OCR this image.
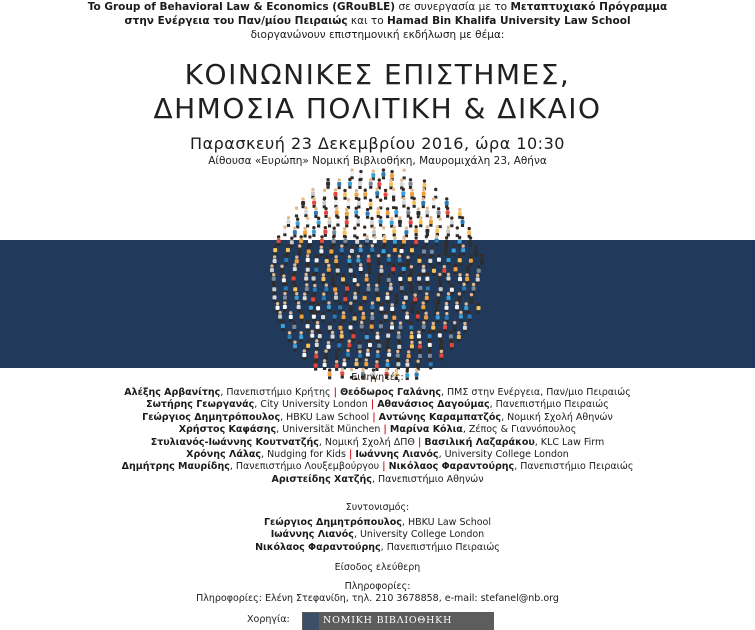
To Group of Behavioral Law & Economics (GRouBLE) σε συνεργασία με το Μεταπτυχιακό Πρόγραμμα
στην Ενέργεια του Παν/μίου Πειραιώς και το Hamad Bin Khalifa University Law School
διοργανώνουν επιστημονική εκδήλωση με θέμα:
ΚΟΙΝΩΝΙΚΕΣ ΕΠΙΣΤΗΜΕΣ,
ΔΗΜΟΣΙΑ ΠΟΛΙΤΙΚΗ & ΔΙΚΑΙΟ
Παρασκευή 23 Δεκεμβρίου 2016, ώρα 10:30
Αίθουσα «Ευρώπη» Νομική Βιβλιοθήκη, Μαυρομιχάλη 23, Αθήνα
Εισηγητές:
Αλέξης Αρβανίτης, Πανεπιστήμιο Κρήτης | Θεόδωρος Γαλάνης, ΠΜΣ στην Ενέργεια, Παν/μιο Πειραιώς
Σωτήρης Γεωργανάς, City University London | Αθανάσιος Δαγούμας, Πανεπιστήμιο Πειραιώς
Γεώργιος Δημητρόπουλος, HBKU Law School | Αντώνης Καραμπατζός, Νομική Σχολή Αθηνών
Χρήστος Καφάσης, Universität München | Μαρίνα Κόλια, Ζέπος & Γιαννόπουλος
Στυλιανός-Ιωάννης Κουτνατζής, Νομική Σχολή ΔΠΘ | Βασιλική Λαζαράκου, KLC Law Firm
Χρόνης Λάλας, Nudging for Kids | Ιωάννης Λιανός, University College London
Δημήτρης Μαυρίδης, Πανεπιστήμιο Λουξεμβούργου | Νικόλαος Φαραντούρης, Πανεπιστήμιο Πειραιώς
Αριστείδης Χατζής, Πανεπιστήμιο Αθηνών
Συντονισμός:
Γεώργιος Δημητρόπουλος, HBKU Law School
Ιωάννης Λιανός, University College London
Νικόλαος Φαραντούρης, Πανεπιστήμιο Πειραιώς
Είσοδος ελεύθερη
Πληροφορίες:
Πληροφορίες: Ελένη Στεφανίδη, τηλ. 210 3678858, e-mail: stefanel@nb.org
Χορηγία:	ΝΟΜΙΚΗ ΒΙΒΛΙΟΘΗΚΗ
